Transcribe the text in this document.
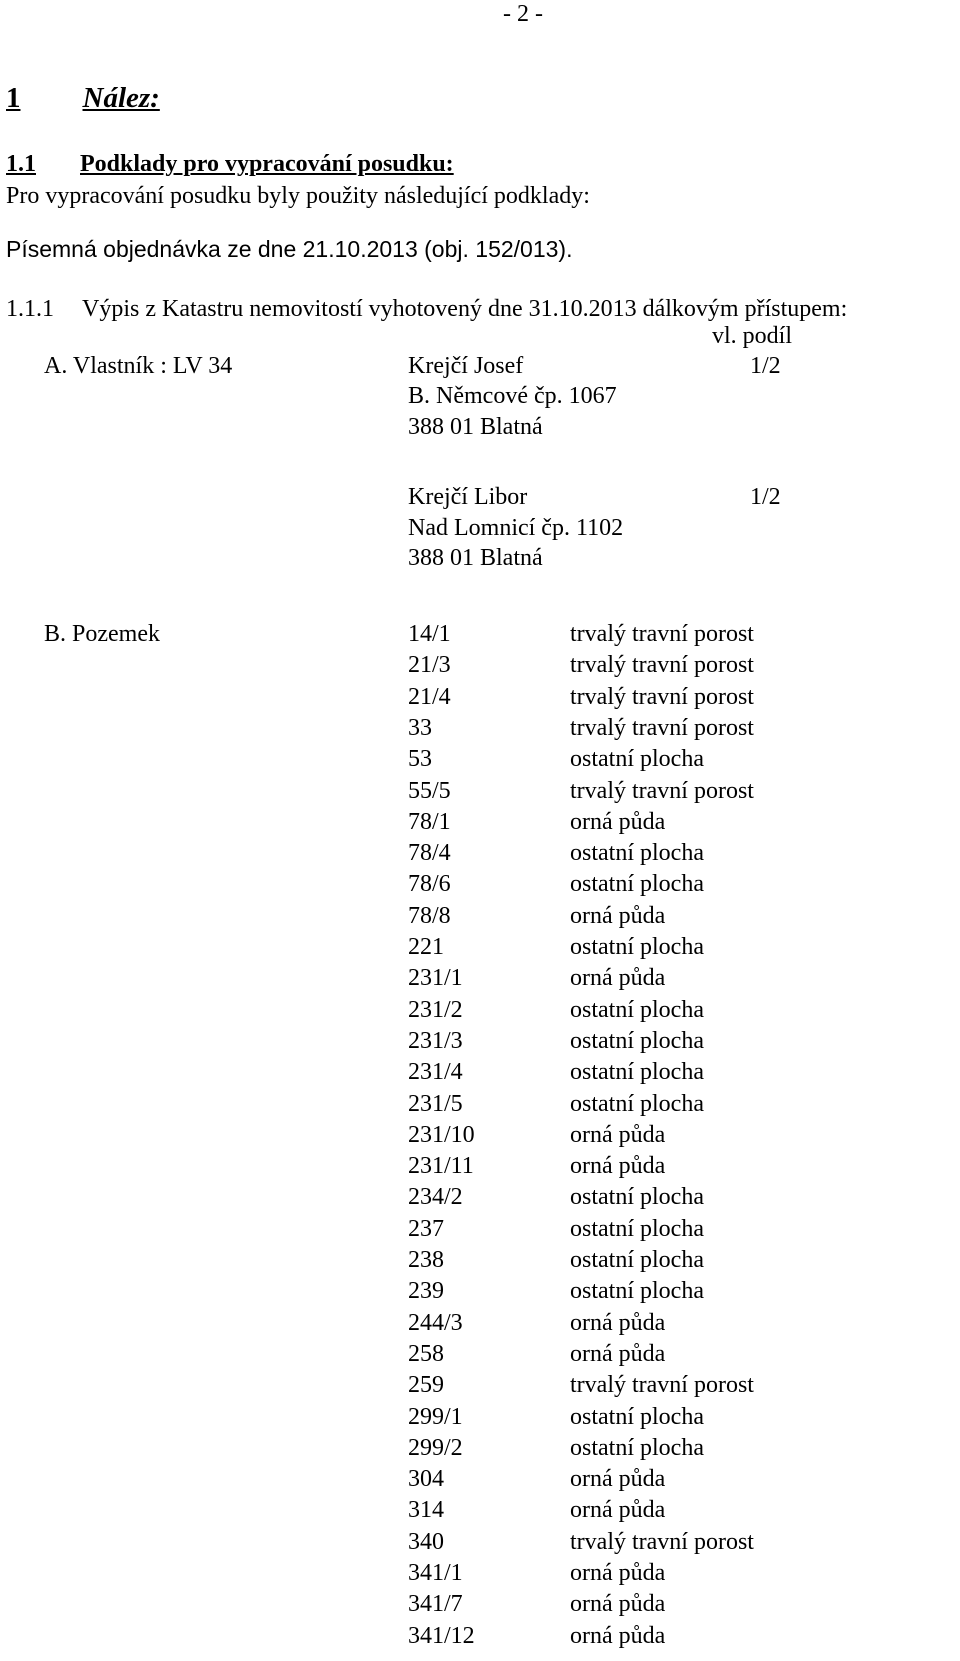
- 2 -
1 Nález:
1.1 Podklady pro vypracování posudku:
Pro vypracování posudku byly použity následující podklady:
Písemná objednávka ze dne 21.10.2013 (obj. 152/013).
1.1.1 Výpis z Katastru nemovitostí vyhotovený dne 31.10.2013 dálkovým přístupem:
vl. podíl
A. Vlastník : LV 34	Krejčí Josef	1/2
B. Němcové čp. 1067
388 01 Blatná
Krejčí Libor	1/2
Nad Lomnicí čp. 1102
388 01 Blatná
B. Pozemek	14/1	trvalý travní porost
21/3	trvalý travní porost
21/4	trvalý travní porost
33	trvalý travní porost
53	ostatní plocha
55/5	trvalý travní porost
78/1	orná půda
78/4	ostatní plocha
78/6	ostatní plocha
78/8	orná půda
221	ostatní plocha
231/1	orná půda
231/2	ostatní plocha
231/3	ostatní plocha
231/4	ostatní plocha
231/5	ostatní plocha
231/10	orná půda
231/11	orná půda
234/2	ostatní plocha
237	ostatní plocha
238	ostatní plocha
239	ostatní plocha
244/3	orná půda
258	orná půda
259	trvalý travní porost
299/1	ostatní plocha
299/2	ostatní plocha
304	orná půda
314	orná půda
340	trvalý travní porost
341/1	orná půda
341/7	orná půda
341/12	orná půda
